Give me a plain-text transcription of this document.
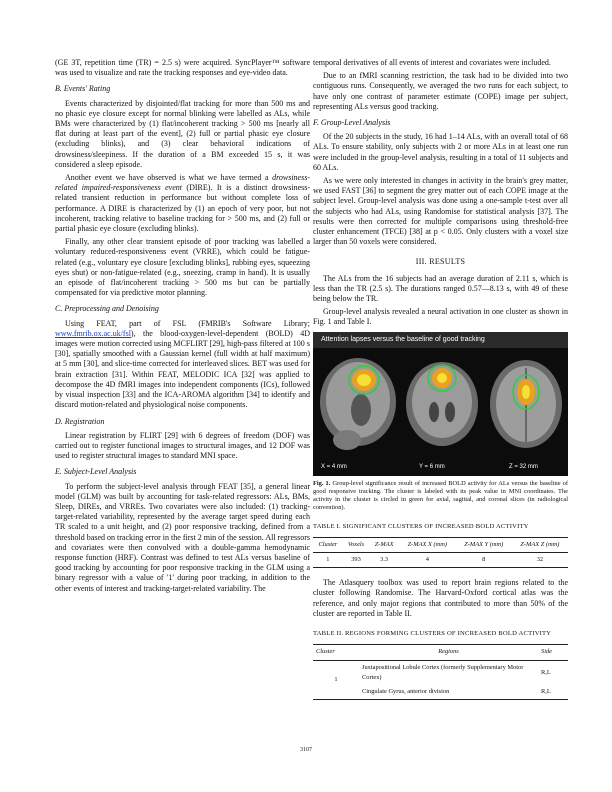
(GE 3T, repetition time (TR) = 2.5 s) were acquired. SyncPlayer™ software was used to visualize and rate the tracking responses and eye-video data.

B. Events' Rating

Events characterized by disjointed/flat tracking for more than 500 ms and no phasic eye closure except for normal blinking were labelled as ALs, while BMs were characterized by (1) flat/incoherent tracking > 500 ms [nearly all flat during at least part of the event], (2) full or partial phasic eye closure (excluding blinks), and (3) clear behavioral indications of drowsiness/sleepiness. If the duration of a BM exceeded 15 s, it was considered a sleep episode.

Another event we have observed is what we have termed a drowsiness-related impaired-responsiveness event (DIRE). It is a distinct drowsiness-related transient reduction in performance but without complete loss of performance. A DIRE is characterized by (1) an epoch of very poor, but not incoherent, tracking relative to baseline tracking for > 500 ms, and (2) full or partial phasic eye closure (excluding blinks).

Finally, any other clear transient episode of poor tracking was labelled a voluntary reduced-responsiveness event (VRRE), which could be fatigue-related (e.g., voluntary eye closure [excluding blinks], rubbing eyes, squeezing eyes shut) or non-fatigue-related (e.g., sneezing, cramp in hand). It is usually an episode of flat/incoherent tracking > 500 ms but can be partially compensated for via predictive motor planning.

C. Preprocessing and Denoising

Using FEAT, part of FSL (FMRIB's Software Library; www.fmrib.ox.ac.uk/fsl), the blood-oxygen-level-dependent (BOLD) 4D images were motion corrected using MCFLIRT [29], high-pass filtered at 100 s [30], spatially smoothed with a Gaussian kernel (full width at half maximum) at 5 mm [30], and slice-time corrected for interleaved slices. BET was used for brain extraction [31]. Within FEAT, MELODIC ICA [32] was applied to decompose the 4D fMRI images into independent components (ICs), followed by visual inspection [33] and the ICA-AROMA algorithm [34] to identify and discard motion-related and physiological noise components.

D. Registration

Linear registration by FLIRT [29] with 6 degrees of freedom (DOF) was carried out to register functional images to structural images, and 12 DOF was used to register structural images to standard MNI space.

E. Subject-Level Analysis

To perform the subject-level analysis through FEAT [35], a general linear model (GLM) was built by accounting for task-related regressors: ALs, BMs, Sleep, DIREs, and VRREs. Two covariates were also included: (1) tracking-target-related variability, represented by the average target speed during each TR scaled to a unit height, and (2) poor responsive tracking, defined from a threshold based on tracking error in the first 2 min of the session. All regressors and covariates were then convolved with a double-gamma hemodynamic response function (HRF). Contrast was defined to test ALs versus baseline of good tracking by accounting for poor responsive tracking in the GLM using a binary regressor with a value of '1' during poor tracking, in addition to the other events of interest and tracking-target-related variability. The

temporal derivatives of all events of interest and covariates were included.

Due to an fMRI scanning restriction, the task had to be divided into two contiguous runs. Consequently, we averaged the two runs for each subject, to have only one contrast of parameter estimate (COPE) image per subject, representing ALs versus good tracking.

F. Group-Level Analysis

Of the 20 subjects in the study, 16 had 1–14 ALs, with an overall total of 68 ALs. To ensure stability, only subjects with 2 or more ALs in at least one run were included in the group-level analysis, resulting in a total of 11 subjects and 60 ALs.

As we were only interested in changes in activity in the brain's grey matter, we used FAST [36] to segment the grey matter out of each COPE image at the subject level. Group-level analysis was done using a one-sample t-test over all the subjects who had ALs, using Randomise for statistical analysis [37]. The results were then corrected for multiple comparisons using threshold-free cluster enhancement (TFCE) [38] at p < 0.05. Only clusters with a voxel size larger than 50 voxels were considered.

III. RESULTS

The ALs from the 16 subjects had an average duration of 2.11 s, which is less than the TR (2.5 s). The durations ranged 0.57—8.13 s, with 49 of these being below the TR.

Group-level analysis revealed a neural activation in one cluster as shown in Fig. 1 and Table I.

Attention lapses versus the baseline of good tracking
X = 4 mm	Y = 6 mm	Z = 32 mm
Fig. 1. Group-level significance result of increased BOLD activity for ALs versus the baseline of good responsive tracking. The cluster is labeled with its peak value in MNI coordinates. The activity in the cluster is circled in green for axial, sagittal, and coronal slices (in radiological convention).
TABLE I. SIGNIFICANT CLUSTERS OF INCREASED BOLD ACTIVITY
Cluster	Voxels	Z-MAX	Z-MAX X (mm)	Z-MAX Y (mm)	Z-MAX Z (mm)
1	393	3.3	4	8	32

The Atlasquery toolbox was used to report brain regions related to the cluster following Randomise. The Harvard-Oxford cortical atlas was the reference, and only major regions that contributed to more than 50% of the cluster are reported in Table II.

TABLE II. REGIONS FORMING CLUSTERS OF INCREASED BOLD ACTIVITY
Cluster	Regions	Side
1	Juxtapositional Lobule Cortex (formerly Supplementary Motor Cortex)	R,L
	Cingulate Gyrus, anterior division	R,L
3107
